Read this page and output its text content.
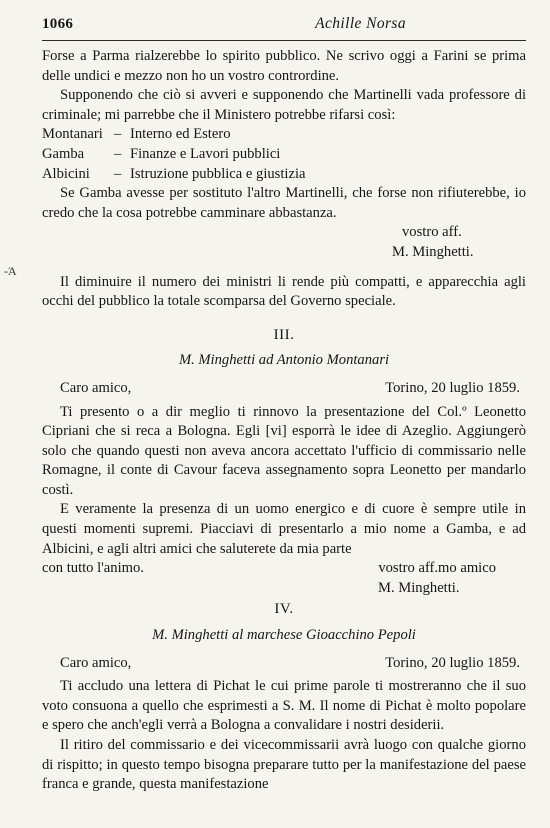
1066	Achille Norsa
-Ά

Forse a Parma rialzerebbe lo spirito pubblico. Ne scrivo oggi a Farini se prima delle undici e mezzo non ho un vostro contrordine.

Supponendo che ciò si avveri e supponendo che Martinelli vada professore di criminale; mi parrebbe che il Ministero potrebbe rifarsi così:

Montanari – Interno ed Estero
Gamba	– Finanze e Lavori pubblici
Albicini	– Istruzione pubblica e giustizia

Se Gamba avesse per sostituto l'altro Martinelli, che forse non rifiuterebbe, io credo che la cosa potrebbe camminare abbastanza.

vostro aff.
M. Minghetti.

Il diminuire il numero dei ministri li rende più compatti, e apparecchia agli occhi del pubblico la totale scomparsa del Governo speciale.

III.
M. Minghetti ad Antonio Montanari
Caro amico,	Torino, 20 luglio 1859.

Ti presento o a dir meglio ti rinnovo la presentazione del Col.º Leonetto Cipriani che si reca a Bologna. Egli [vi] esporrà le idee di Azeglio. Aggiungerò solo che quando questi non aveva ancora accettato l'ufficio di commissario nelle Romagne, il conte di Cavour faceva assegnamento sopra Leonetto per mandarlo costì.

E veramente la presenza di un uomo energico e di cuore è sempre utile in questi momenti supremi. Piacciavi di presentarlo a mio nome a Gamba, e ad Albicini, e agli altri amici che saluterete da mia parte

con tutto l'animo.	vostro aff.mo amico
M. Minghetti.
IV.
M. Minghetti al marchese Gioacchino Pepoli
Caro amico,	Torino, 20 luglio 1859.

Ti accludo una lettera di Pichat le cui prime parole ti mostreranno che il suo voto consuona a quello che esprimesti a S. M. Il nome di Pichat è molto popolare e spero che anch'egli verrà a Bologna a convalidare i nostri desiderii.

Il ritiro del commissario e dei vicecommissarii avrà luogo con qualche giorno di rispitto; in questo tempo bisogna preparare tutto per la manifestazione del paese franca e grande, questa manifestazione
